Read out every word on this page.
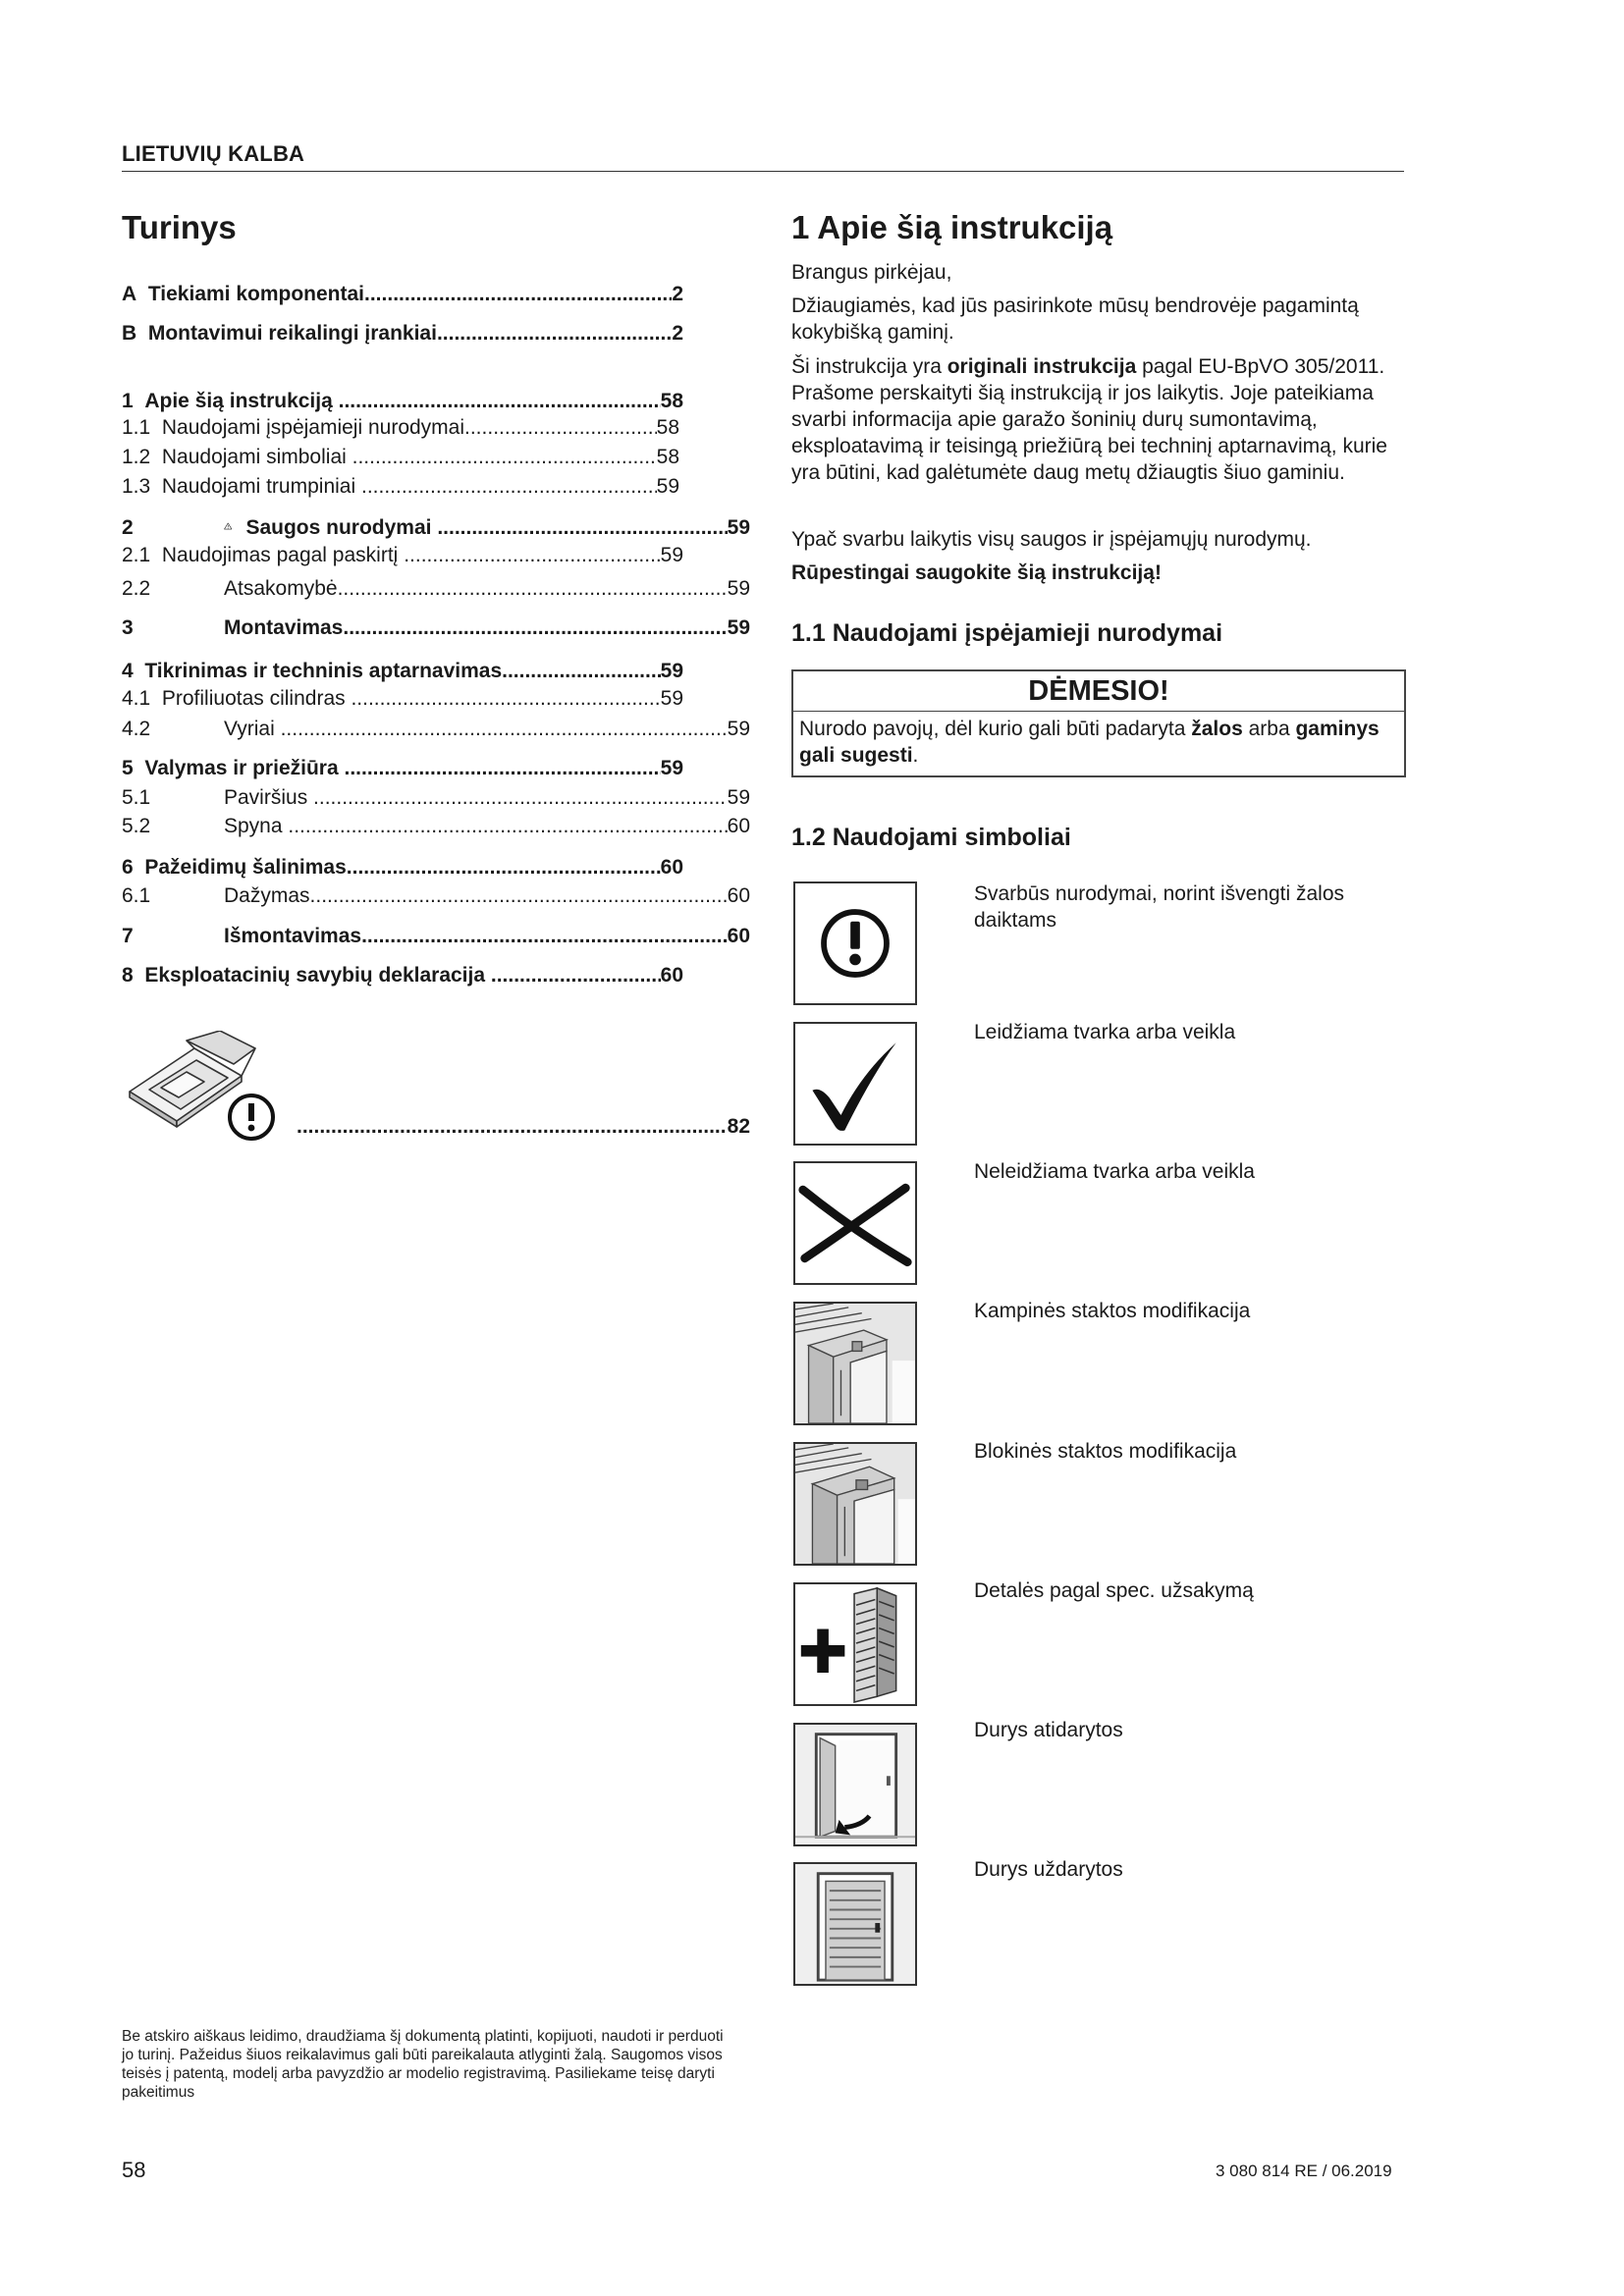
LIETUVIŲ KALBA
Turinys
A
Tiekiami komponentai .....	2
B
Montavimui reikalingi įrankiai .....	2
1
Apie šią instrukciją
.....	58
1.1
Naudojami įspėjamieji nurodymai .....	58
1.2
Naudojami simboliai
.....	58
1.3
Naudojami trumpiniai
.....	59
2	Saugos nurodymai
.....	59
2.1
Naudojimas pagal paskirtį
.....	59
2.2	Atsakomybė .....	59
3	Montavimas .....	59
4
Tikrinimas ir techninis aptarnavimas .....	59
4.1
Profiliuotas cilindras
.....	59
4.2	Vyriai
.....	59
5
Valymas ir priežiūra
.....	59
5.1	Paviršius
.....	59
5.2	Spyna
.....	60
6
Pažeidimų šalinimas .....	60
6.1	Dažymas .....	60
7	Išmontavimas .....	60
8
Eksploatacinių savybių deklaracija
.....	60
.....
82
Be atskiro aiškaus leidimo, draudžiama šį dokumentą platinti, kopijuoti, naudoti ir perduoti jo turinį. Pažeidus šiuos reikalavimus gali būti pareikalauta atlyginti žalą. Saugomos visos teisės į patentą, modelį arba pavyzdžio ar modelio registravimą. Pasiliekame teisę daryti pakeitimus
58	3 080 814 RE / 06.2019
1 Apie šią instrukciją
Brangus pirkėjau,
Džiaugiamės, kad jūs pasirinkote mūsų bendrovėje pagamintą kokybišką gaminį.
Ši instrukcija yra originali instrukcija pagal EU-BpVO 305/2011. Prašome perskaityti šią instrukciją ir jos laikytis. Joje pateikiama svarbi informacija apie garažo šoninių durų sumontavimą, eksploatavimą ir teisingą priežiūrą bei techninį aptarnavimą, kurie yra būtini, kad galėtumėte daug metų džiaugtis šiuo gaminiu.
Ypač svarbu laikytis visų saugos ir įspėjamųjų nurodymų.
Rūpestingai saugokite šią instrukciją!
1.1 Naudojami įspėjamieji nurodymai
DĖMESIO!
Nurodo pavojų, dėl kurio gali būti padaryta žalos arba gaminys gali sugesti.
1.2 Naudojami simboliai
Svarbūs nurodymai, norint išvengti žalos daiktams
Leidžiama tvarka arba veikla
Neleidžiama tvarka arba veikla
Kampinės staktos modifikacija
Blokinės staktos modifikacija
Detalės pagal spec. užsakymą
Durys atidarytos
Durys uždarytos
